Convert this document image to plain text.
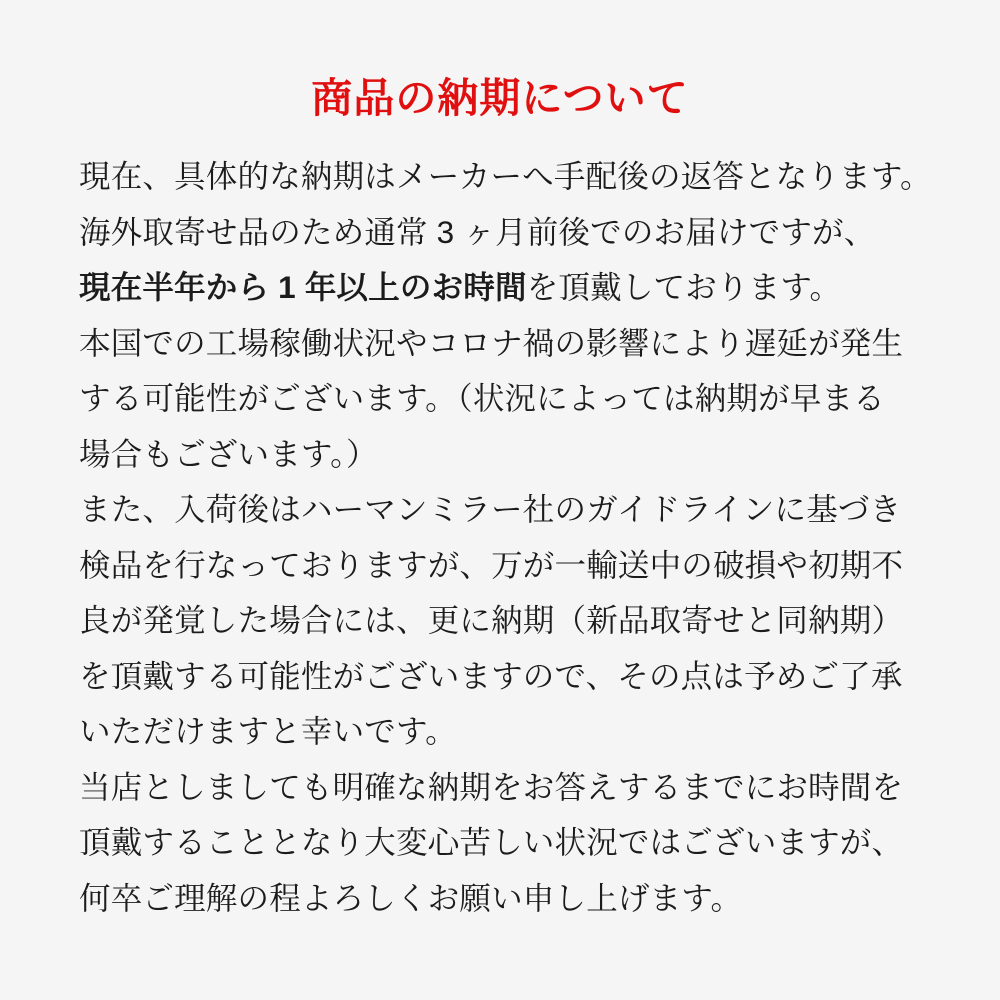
商品の納期について

現在、具体的な納期はメーカーへ手配後の返答となります。

海外取寄せ品のため通常 3 ヶ月前後でのお届けですが、

現在半年から 1 年以上のお時間を頂戴しております。

本国での工場稼働状況やコロナ禍の影響により遅延が発生

する可能性がございます。（状況によっては納期が早まる

場合もございます。）

また、入荷後はハーマンミラー社のガイドラインに基づき

検品を行なっておりますが、万が一輸送中の破損や初期不

良が発覚した場合には、更に納期（新品取寄せと同納期）

を頂戴する可能性がございますので、その点は予めご了承

いただけますと幸いです。

当店としましても明確な納期をお答えするまでにお時間を

頂戴することとなり大変心苦しい状況ではございますが、

何卒ご理解の程よろしくお願い申し上げます。
